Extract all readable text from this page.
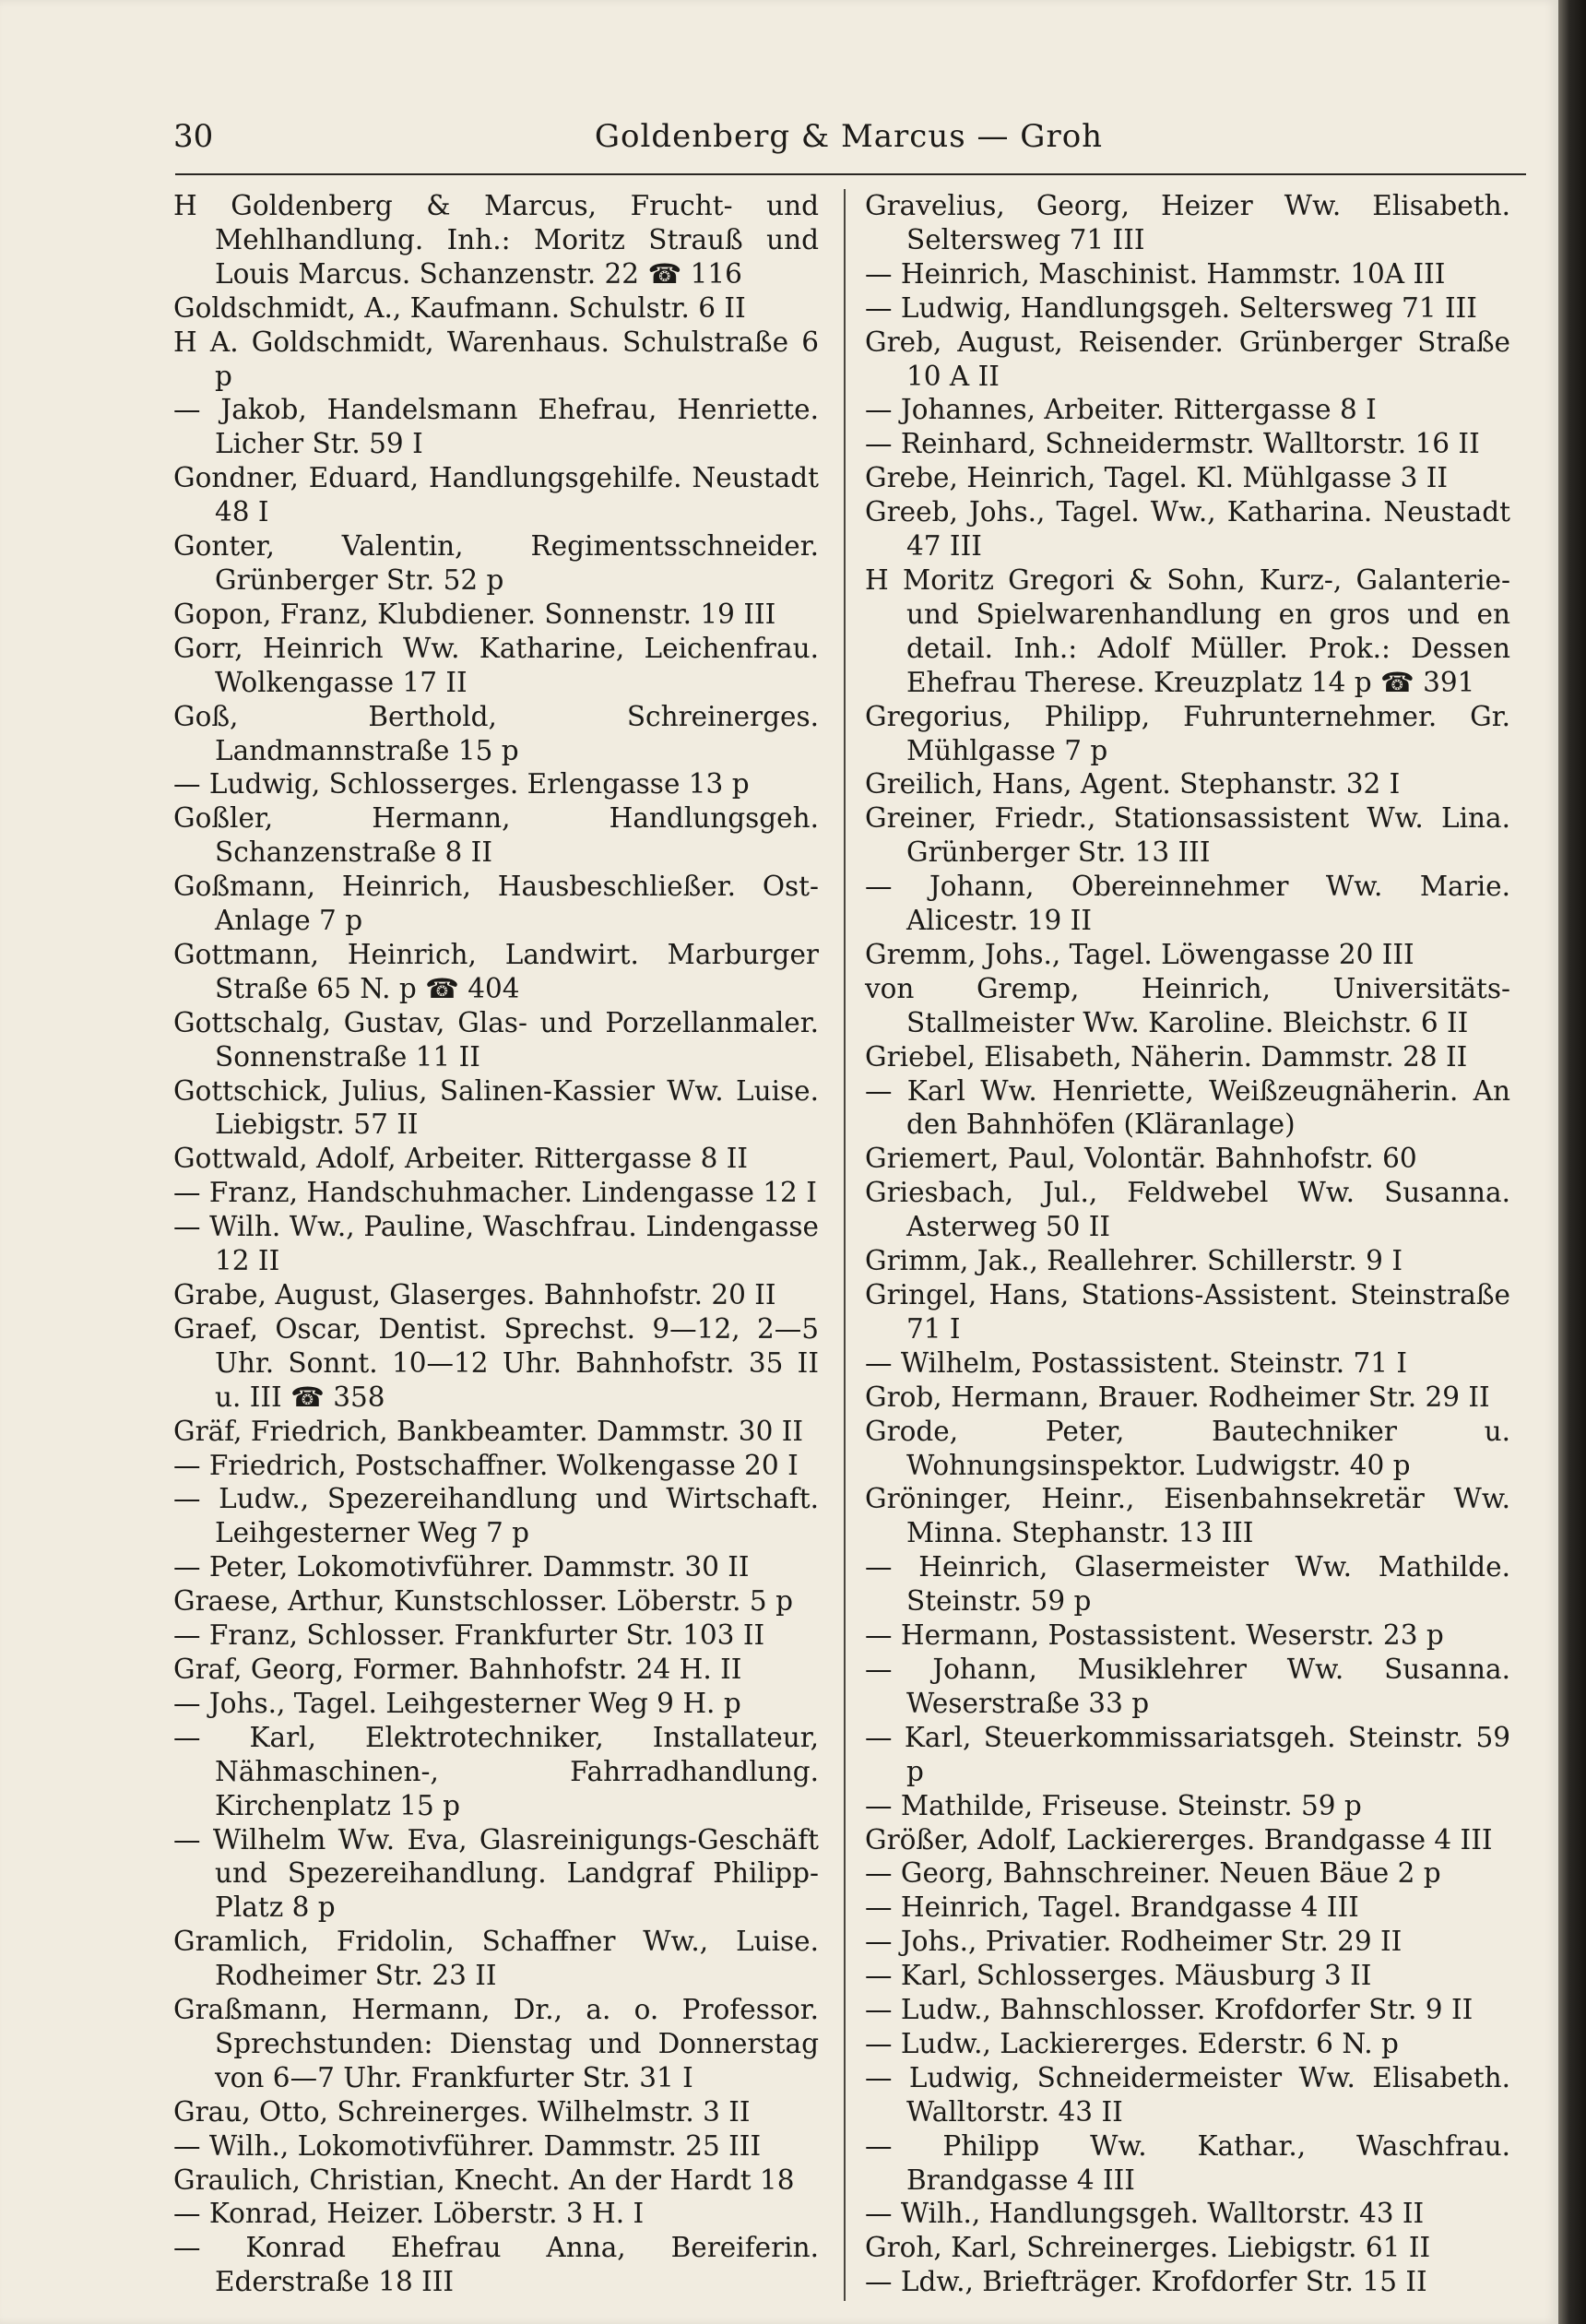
30	Goldenberg & Marcus — Groh

H Goldenberg & Marcus, Frucht- und Mehlhandlung. Inh.: Moritz Strauß und Louis Marcus. Schanzenstr. 22 ☎ 116

Goldschmidt, A., Kaufmann. Schulstr. 6 II

H A. Goldschmidt, Warenhaus. Schulstraße 6 p

— Jakob, Handelsmann Ehefrau, Henriette. Licher Str. 59 I

Gondner, Eduard, Handlungsgehilfe. Neustadt 48 I

Gonter, Valentin, Regimentsschneider. Grünberger Str. 52 p

Gopon, Franz, Klubdiener. Sonnenstr. 19 III

Gorr, Heinrich Ww. Katharine, Leichenfrau. Wolkengasse 17 II

Goß, Berthold, Schreinerges. Landmannstraße 15 p

— Ludwig, Schlosserges. Erlengasse 13 p

Goßler, Hermann, Handlungsgeh. Schanzenstraße 8 II

Goßmann, Heinrich, Hausbeschließer. Ost-Anlage 7 p

Gottmann, Heinrich, Landwirt. Marburger Straße 65 N. p ☎ 404

Gottschalg, Gustav, Glas- und Porzellanmaler. Sonnenstraße 11 II

Gottschick, Julius, Salinen-Kassier Ww. Luise. Liebigstr. 57 II

Gottwald, Adolf, Arbeiter. Rittergasse 8 II

— Franz, Handschuhmacher. Lindengasse 12 I

— Wilh. Ww., Pauline, Waschfrau. Lindengasse 12 II

Grabe, August, Glaserges. Bahnhofstr. 20 II

Graef, Oscar, Dentist. Sprechst. 9—12, 2—5 Uhr. Sonnt. 10—12 Uhr. Bahnhofstr. 35 II u. III ☎ 358

Gräf, Friedrich, Bankbeamter. Dammstr. 30 II

— Friedrich, Postschaffner. Wolkengasse 20 I

— Ludw., Spezereihandlung und Wirtschaft. Leihgesterner Weg 7 p

— Peter, Lokomotivführer. Dammstr. 30 II

Graese, Arthur, Kunstschlosser. Löberstr. 5 p

— Franz, Schlosser. Frankfurter Str. 103 II

Graf, Georg, Former. Bahnhofstr. 24 H. II

— Johs., Tagel. Leihgesterner Weg 9 H. p

— Karl, Elektrotechniker, Installateur, Nähmaschinen-, Fahrradhandlung. Kirchenplatz 15 p

— Wilhelm Ww. Eva, Glasreinigungs-Geschäft und Spezereihandlung. Landgraf Philipp-Platz 8 p

Gramlich, Fridolin, Schaffner Ww., Luise. Rodheimer Str. 23 II

Graßmann, Hermann, Dr., a. o. Professor. Sprechstunden: Dienstag und Donnerstag von 6—7 Uhr. Frankfurter Str. 31 I

Grau, Otto, Schreinerges. Wilhelmstr. 3 II

— Wilh., Lokomotivführer. Dammstr. 25 III

Graulich, Christian, Knecht. An der Hardt 18

— Konrad, Heizer. Löberstr. 3 H. I

— Konrad Ehefrau Anna, Bereiferin. Ederstraße 18 III

Gravelius, Georg, Heizer Ww. Elisabeth. Seltersweg 71 III

— Heinrich, Maschinist. Hammstr. 10A III

— Ludwig, Handlungsgeh. Seltersweg 71 III

Greb, August, Reisender. Grünberger Straße 10 A II

— Johannes, Arbeiter. Rittergasse 8 I

— Reinhard, Schneidermstr. Walltorstr. 16 II

Grebe, Heinrich, Tagel. Kl. Mühlgasse 3 II

Greeb, Johs., Tagel. Ww., Katharina. Neustadt 47 III

H Moritz Gregori & Sohn, Kurz-, Galanterie- und Spielwarenhandlung en gros und en detail. Inh.: Adolf Müller. Prok.: Dessen Ehefrau Therese. Kreuzplatz 14 p ☎ 391

Gregorius, Philipp, Fuhrunternehmer. Gr. Mühlgasse 7 p

Greilich, Hans, Agent. Stephanstr. 32 I

Greiner, Friedr., Stationsassistent Ww. Lina. Grünberger Str. 13 III

— Johann, Obereinnehmer Ww. Marie. Alicestr. 19 II

Gremm, Johs., Tagel. Löwengasse 20 III

von Gremp, Heinrich, Universitäts-Stallmeister Ww. Karoline. Bleichstr. 6 II

Griebel, Elisabeth, Näherin. Dammstr. 28 II

— Karl Ww. Henriette, Weißzeugnäherin. An den Bahnhöfen (Kläranlage)

Griemert, Paul, Volontär. Bahnhofstr. 60

Griesbach, Jul., Feldwebel Ww. Susanna. Asterweg 50 II

Grimm, Jak., Reallehrer. Schillerstr. 9 I

Gringel, Hans, Stations-Assistent. Steinstraße 71 I

— Wilhelm, Postassistent. Steinstr. 71 I

Grob, Hermann, Brauer. Rodheimer Str. 29 II

Grode, Peter, Bautechniker u. Wohnungsinspektor. Ludwigstr. 40 p

Gröninger, Heinr., Eisenbahnsekretär Ww. Minna. Stephanstr. 13 III

— Heinrich, Glasermeister Ww. Mathilde. Steinstr. 59 p

— Hermann, Postassistent. Weserstr. 23 p

— Johann, Musiklehrer Ww. Susanna. Weserstraße 33 p

— Karl, Steuerkommissariatsgeh. Steinstr. 59 p

— Mathilde, Friseuse. Steinstr. 59 p

Größer, Adolf, Lackiererges. Brandgasse 4 III

— Georg, Bahnschreiner. Neuen Bäue 2 p

— Heinrich, Tagel. Brandgasse 4 III

— Johs., Privatier. Rodheimer Str. 29 II

— Karl, Schlosserges. Mäusburg 3 II

— Ludw., Bahnschlosser. Krofdorfer Str. 9 II

— Ludw., Lackiererges. Ederstr. 6 N. p

— Ludwig, Schneidermeister Ww. Elisabeth. Walltorstr. 43 II

— Philipp Ww. Kathar., Waschfrau. Brandgasse 4 III

— Wilh., Handlungsgeh. Walltorstr. 43 II

Groh, Karl, Schreinerges. Liebigstr. 61 II

— Ldw., Briefträger. Krofdorfer Str. 15 II
